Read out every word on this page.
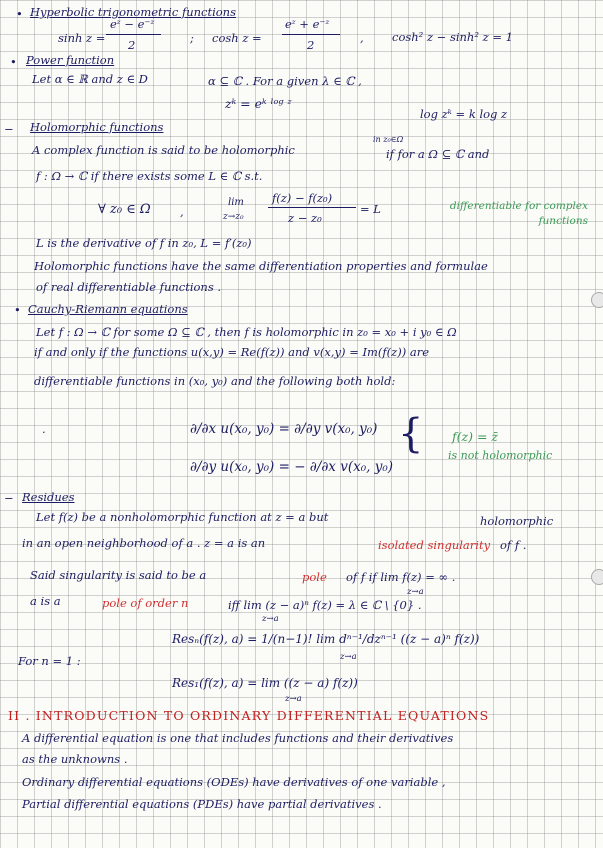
• Hyperbolic trigonometric functions
sinh z =
eᶻ − e⁻ᶻ
2	; cosh z =
eᶻ + e⁻ᶻ
2	, cosh² z − sinh² z = 1
• Power function
Let α ∈ ℝ and z ∈ D	α ⊆ ℂ . For a given λ ∈ ℂ ,
zᵏ = eᵏ ˡᵒᵍ ᶻ
log zᵏ = k log z
− Holomorphic functions
A complex function is said to be holomorphic
in z₀∈Ω
if for a Ω ⊆ ℂ and
f : Ω → ℂ if there exists some L ∈ ℂ s.t.
∀ z₀ ∈ Ω	,
lim
z→z₀
f(z) − f(z₀)
z − z₀
= L	differentiable for complex functions
L is the derivative of f in z₀, L = f′(z₀)
Holomorphic functions have the same differentiation properties and formulae
of real differentiable functions .
• Cauchy-Riemann equations
Let f : Ω → ℂ for some Ω ⊆ ℂ , then f is holomorphic in z₀ = x₀ + i y₀ ∈ Ω
if and only if the functions u(x,y) = Re(f(z)) and v(x,y) = Im(f(z)) are
differentiable functions in (x₀, y₀) and the following both hold:
·	∂/∂x u(x₀, y₀) = ∂/∂y v(x₀, y₀)
∂/∂y u(x₀, y₀) = − ∂/∂x v(x₀, y₀)
{ f(z) = z̄
is not holomorphic
− Residues
Let f(z) be a nonholomorphic function at z = a but	holomorphic
in an open neighborhood of a . z = a is an	isolated singularity of f .
Said singularity is said to be a	pole of f if lim f(z) = ∞ .
z→a
a is a	pole of order n	iff lim (z − a)ⁿ f(z) = λ ∈ ℂ \ {0} .
z→a
Resₙ(f(z), a) = 1/(n−1)! lim dⁿ⁻¹/dzⁿ⁻¹ ((z − a)ⁿ f(z))
z→a
For n = 1 :
Res₁(f(z), a) = lim ((z − a) f(z))
z→a
II . INTRODUCTION TO ORDINARY DIFFERENTIAL EQUATIONS
A differential equation is one that includes functions and their derivatives
as the unknowns .
Ordinary differential equations (ODEs) have derivatives of one variable ,
Partial differential equations (PDEs) have partial derivatives .
